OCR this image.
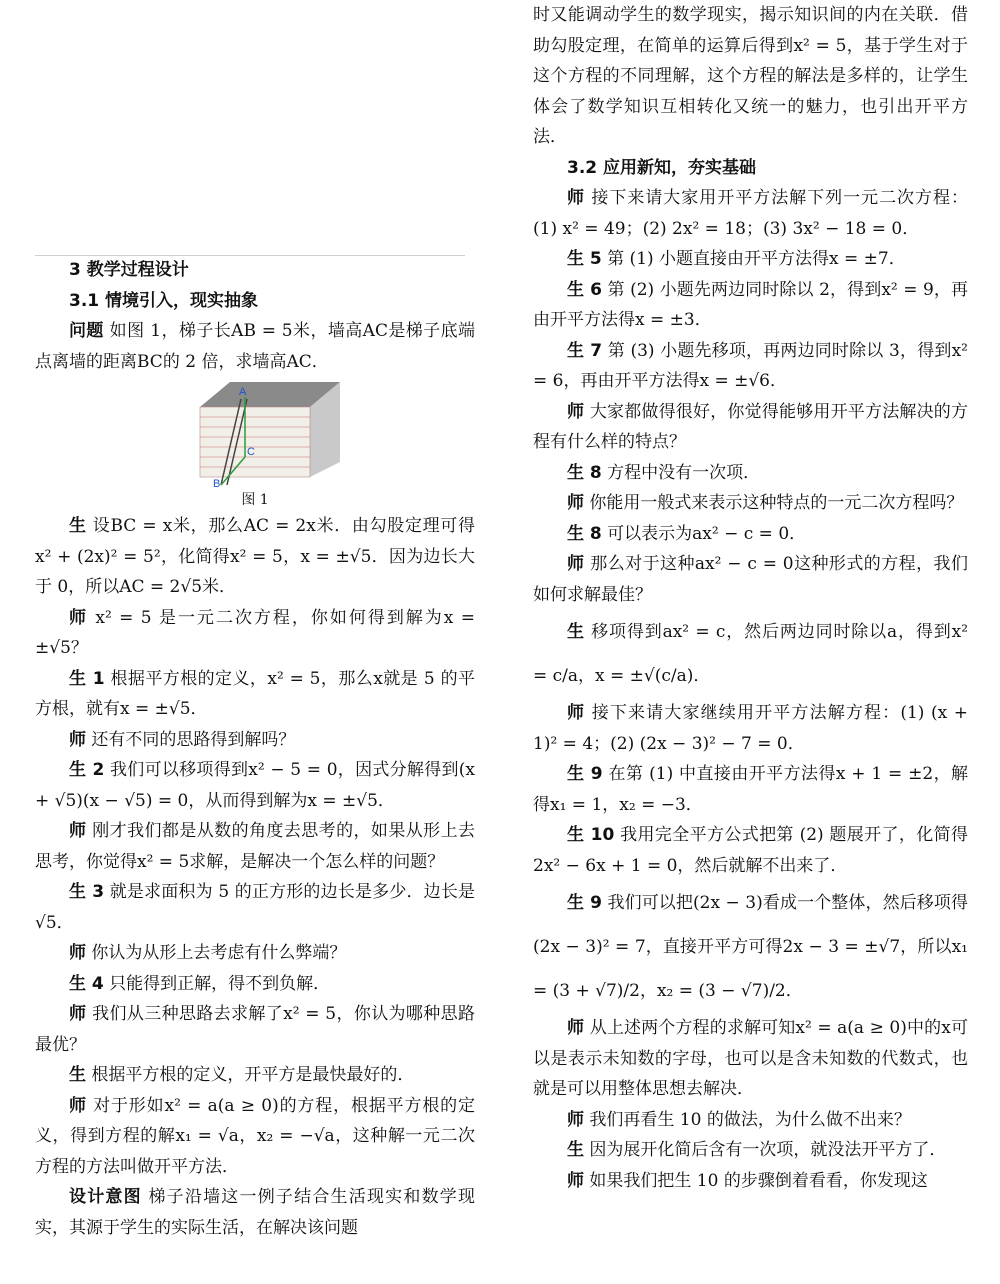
3 教学过程设计

3.1 情境引入，现实抽象

问题 如图 1，梯子长AB = 5米，墙高AC是梯子底端点离墙的距离BC的 2 倍，求墙高AC．

A
B
C

图 1

生 设BC = x米，那么AC = 2x米．由勾股定理可得x² + (2x)² = 5²，化简得x² = 5，x = ±√5．因为边长大于 0，所以AC = 2√5米．

师 x² = 5 是一元二次方程，你如何得到解为x = ±√5？

生 1 根据平方根的定义，x² = 5，那么x就是 5 的平方根，就有x = ±√5．

师 还有不同的思路得到解吗？

生 2 我们可以移项得到x² − 5 = 0，因式分解得到(x + √5)(x − √5) = 0，从而得到解为x = ±√5．

师 刚才我们都是从数的角度去思考的，如果从形上去思考，你觉得x² = 5求解，是解决一个怎么样的问题？

生 3 就是求面积为 5 的正方形的边长是多少．边长是√5．

师 你认为从形上去考虑有什么弊端？

生 4 只能得到正解，得不到负解．

师 我们从三种思路去求解了x² = 5，你认为哪种思路最优？

生 根据平方根的定义，开平方是最快最好的．

师 对于形如x² = a(a ≥ 0)的方程，根据平方根的定义，得到方程的解x₁ = √a，x₂ = −√a，这种解一元二次方程的方法叫做开平方法．

设计意图 梯子沿墙这一例子结合生活现实和数学现实，其源于学生的实际生活，在解决该问题

时又能调动学生的数学现实，揭示知识间的内在关联．借助勾股定理，在简单的运算后得到x² = 5，基于学生对于这个方程的不同理解，这个方程的解法是多样的，让学生体会了数学知识互相转化又统一的魅力，也引出开平方法．

3.2 应用新知，夯实基础

师 接下来请大家用开平方法解下列一元二次方程：(1) x² = 49；(2) 2x² = 18；(3) 3x² − 18 = 0．

生 5 第 (1) 小题直接由开平方法得x = ±7．

生 6 第 (2) 小题先两边同时除以 2，得到x² = 9，再由开平方法得x = ±3．

生 7 第 (3) 小题先移项，再两边同时除以 3，得到x² = 6，再由开平方法得x = ±√6．

师 大家都做得很好，你觉得能够用开平方法解决的方程有什么样的特点？

生 8 方程中没有一次项．

师 你能用一般式来表示这种特点的一元二次方程吗？

生 8 可以表示为ax² − c = 0．

师 那么对于这种ax² − c = 0这种形式的方程，我们如何求解最佳？

生 移项得到ax² = c，然后两边同时除以a，得到x² = c/a，x = ±√(c/a)．

师 接下来请大家继续用开平方法解方程：(1) (x + 1)² = 4；(2) (2x − 3)² − 7 = 0．

生 9 在第 (1) 中直接由开平方法得x + 1 = ±2，解得x₁ = 1，x₂ = −3．

生 10 我用完全平方公式把第 (2) 题展开了，化简得2x² − 6x + 1 = 0，然后就解不出来了．

生 9 我们可以把(2x − 3)看成一个整体，然后移项得(2x − 3)² = 7，直接开平方可得2x − 3 = ±√7，所以x₁ = (3 + √7)/2，x₂ = (3 − √7)/2．

师 从上述两个方程的求解可知x² = a(a ≥ 0)中的x可以是表示未知数的字母，也可以是含未知数的代数式，也就是可以用整体思想去解决．

师 我们再看生 10 的做法，为什么做不出来？

生 因为展开化简后含有一次项，就没法开平方了．

师 如果我们把生 10 的步骤倒着看看，你发现这
